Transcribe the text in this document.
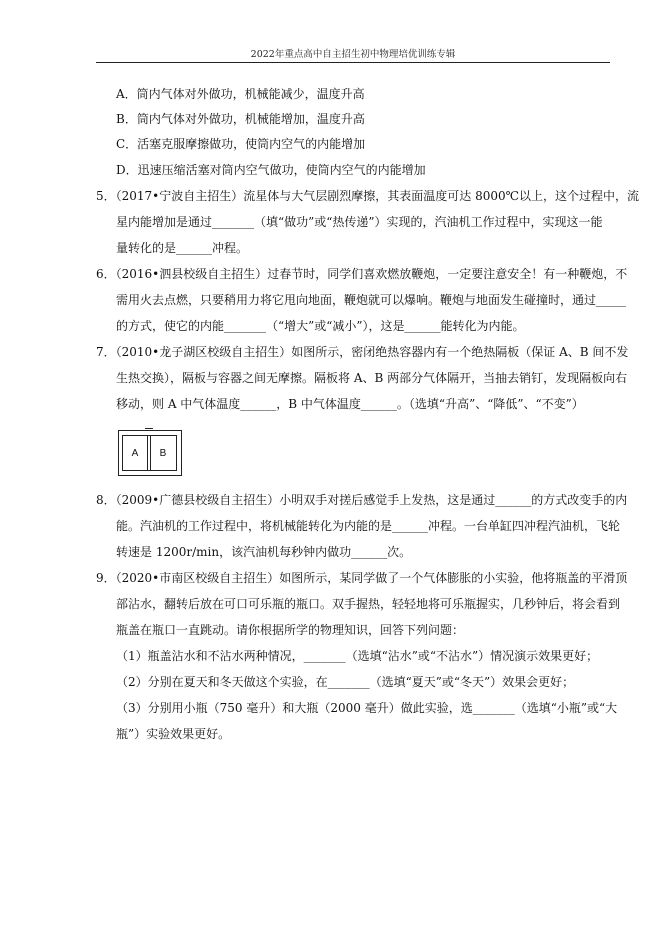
2022年重点高中自主招生初中物理培优训练专辑
A．筒内气体对外做功，机械能减少，温度升高
B．筒内气体对外做功，机械能增加，温度升高
C．活塞克服摩擦做功，使筒内空气的内能增加
D．迅速压缩活塞对筒内空气做功，使筒内空气的内能增加
5．（2017•宁波自主招生）流星体与大气层剧烈摩擦，其表面温度可达 8000℃以上，这个过程中，流
星内能增加是通过_______（填“做功”或“热传递”）实现的，汽油机工作过程中，实现这一能
量转化的是______冲程。
6．（2016•泗县校级自主招生）过春节时，同学们喜欢燃放鞭炮，一定要注意安全！有一种鞭炮，不
需用火去点燃，只要稍用力将它甩向地面，鞭炮就可以爆响。鞭炮与地面发生碰撞时，通过_____
的方式，使它的内能_______（“增大”或“减小”），这是______能转化为内能。
7．（2010•龙子湖区校级自主招生）如图所示，密闭绝热容器内有一个绝热隔板（保证 A、B 间不发
生热交换），隔板与容器之间无摩擦。隔板将 A、B 两部分气体隔开，当抽去销钉，发现隔板向右
移动，则 A 中气体温度______，B 中气体温度______。（选填“升高”、“降低”、“不变”）
A B
8．（2009•广德县校级自主招生）小明双手对搓后感觉手上发热，这是通过______的方式改变手的内
能。汽油机的工作过程中，将机械能转化为内能的是______冲程。一台单缸四冲程汽油机，飞轮
转速是 1200r/min，该汽油机每秒钟内做功______次。
9．（2020•市南区校级自主招生）如图所示，某同学做了一个气体膨胀的小实验，他将瓶盖的平滑顶
部沾水，翻转后放在可口可乐瓶的瓶口。双手握热，轻轻地将可乐瓶握实，几秒钟后，将会看到
瓶盖在瓶口一直跳动。请你根据所学的物理知识，回答下列问题：
（1）瓶盖沾水和不沾水两种情况，_______（选填“沾水”或“不沾水”）情况演示效果更好；
（2）分别在夏天和冬天做这个实验，在_______（选填“夏天”或“冬天”）效果会更好；
（3）分别用小瓶（750 毫升）和大瓶（2000 毫升）做此实验，选_______（选填“小瓶”或“大
瓶”）实验效果更好。
